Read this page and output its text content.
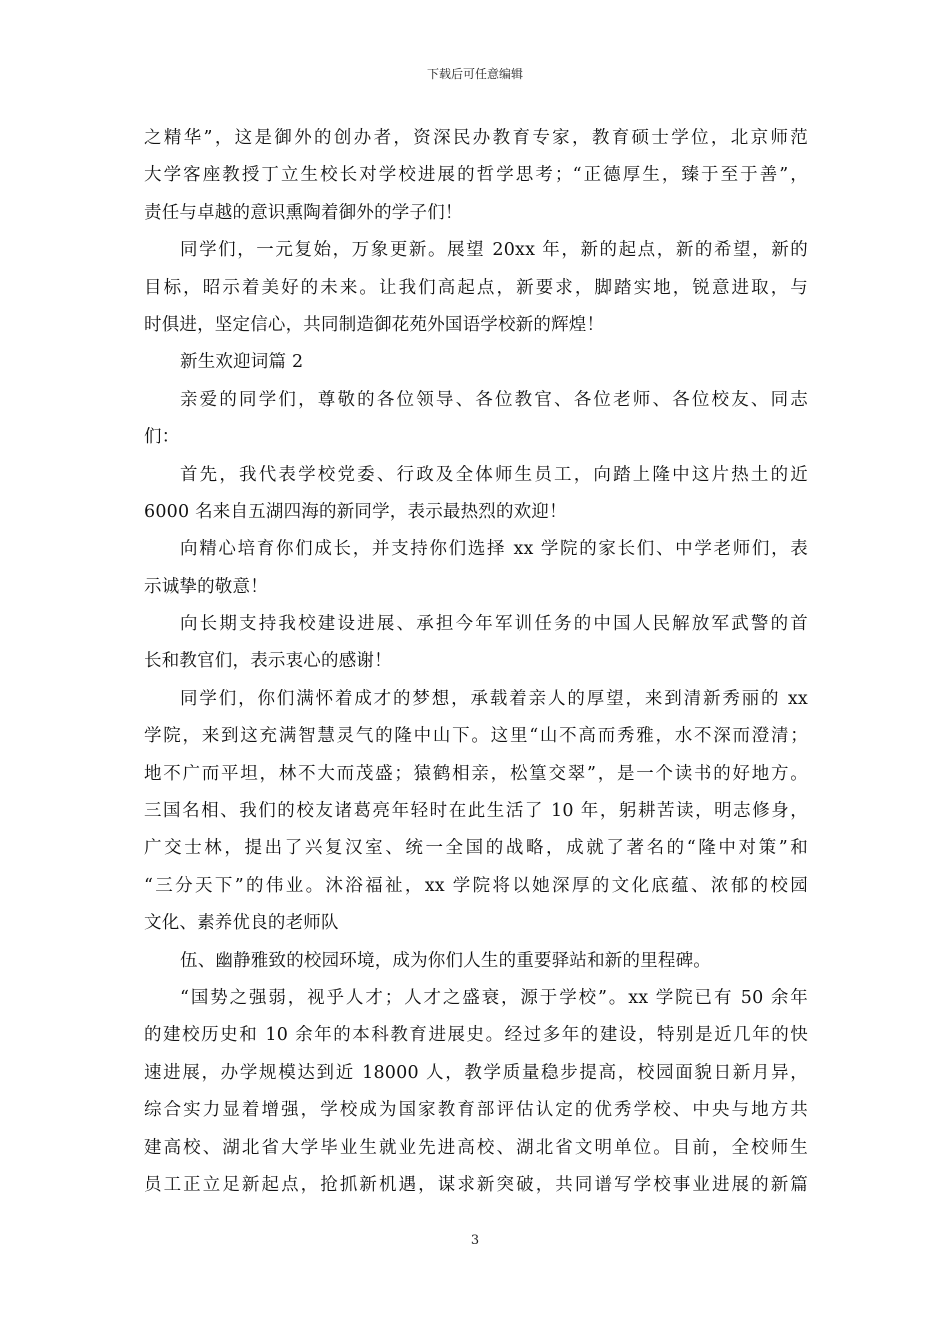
下载后可任意编辑
之精华”，这是御外的创办者，资深民办教育专家，教育硕士学位，北京师范
大学客座教授丁立生校长对学校进展的哲学思考；“正德厚生，臻于至于善”，
责任与卓越的意识熏陶着御外的学子们！
同学们，一元复始，万象更新。展望 20xx 年，新的起点，新的希望，新的
目标，昭示着美好的未来。让我们高起点，新要求，脚踏实地，锐意进取，与
时俱进，坚定信心，共同制造御花苑外国语学校新的辉煌！
新生欢迎词篇 2
亲爱的同学们，尊敬的各位领导、各位教官、各位老师、各位校友、同志
们：
首先，我代表学校党委、行政及全体师生员工，向踏上隆中这片热土的近
6000 名来自五湖四海的新同学，表示最热烈的欢迎！
向精心培育你们成长，并支持你们选择 xx 学院的家长们、中学老师们，表
示诚挚的敬意！
向长期支持我校建设进展、承担今年军训任务的中国人民解放军武警的首
长和教官们，表示衷心的感谢！
同学们，你们满怀着成才的梦想，承载着亲人的厚望，来到清新秀丽的 xx
学院，来到这充满智慧灵气的隆中山下。这里“山不高而秀雅，水不深而澄清；
地不广而平坦，林不大而茂盛；猿鹤相亲，松篁交翠”，是一个读书的好地方。
三国名相、我们的校友诸葛亮年轻时在此生活了 10 年，躬耕苦读，明志修身，
广交士林，提出了兴复汉室、统一全国的战略，成就了著名的“隆中对策”和
“三分天下”的伟业。沐浴福祉，xx 学院将以她深厚的文化底蕴、浓郁的校园
文化、素养优良的老师队
伍、幽静雅致的校园环境，成为你们人生的重要驿站和新的里程碑。
“国势之强弱，视乎人才；人才之盛衰，源于学校”。xx 学院已有 50 余年
的建校历史和 10 余年的本科教育进展史。经过多年的建设，特别是近几年的快
速进展，办学规模达到近 18000 人，教学质量稳步提高，校园面貌日新月异，
综合实力显着增强，学校成为国家教育部评估认定的优秀学校、中央与地方共
建高校、湖北省大学毕业生就业先进高校、湖北省文明单位。目前，全校师生
员工正立足新起点，抢抓新机遇，谋求新突破，共同谱写学校事业进展的新篇
3
